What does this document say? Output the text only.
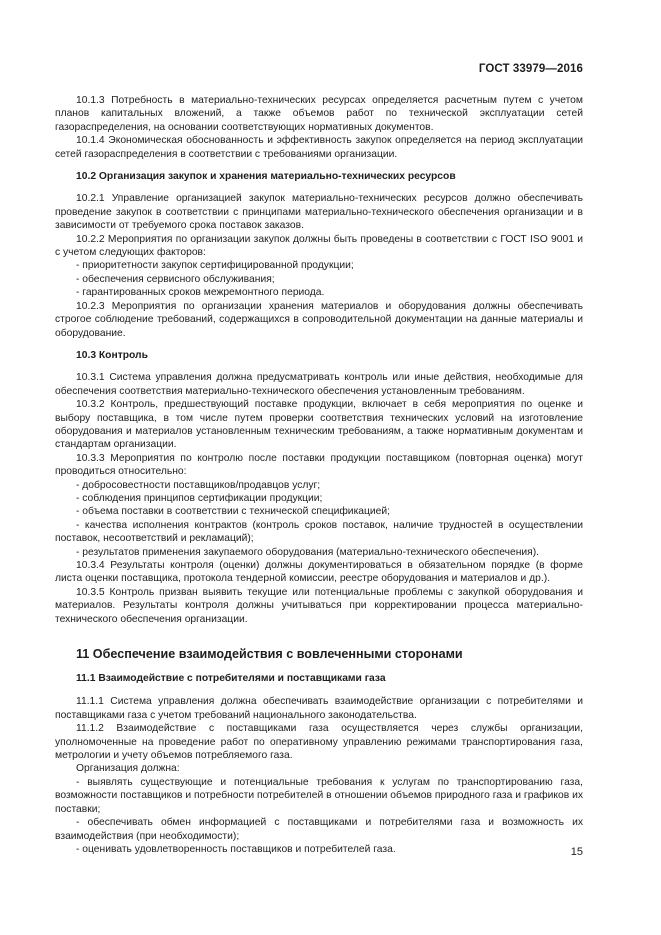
ГОСТ 33979—2016

10.1.3 Потребность в материально-технических ресурсах определяется расчетным путем с учетом планов капитальных вложений, а также объемов работ по технической эксплуатации сетей газораспределения, на основании соответствующих нормативных документов.

10.1.4 Экономическая обоснованность и эффективность закупок определяется на период эксплуатации сетей газораспределения в соответствии с требованиями организации.

10.2 Организация закупок и хранения материально-технических ресурсов

10.2.1 Управление организацией закупок материально-технических ресурсов должно обеспечивать проведение закупок в соответствии с принципами материально-технического обеспечения организации и в зависимости от требуемого срока поставок заказов.

10.2.2 Мероприятия по организации закупок должны быть проведены в соответствии с ГОСТ ISO 9001 и с учетом следующих факторов:

- приоритетности закупок сертифицированной продукции;

- обеспечения сервисного обслуживания;

- гарантированных сроков межремонтного периода.

10.2.3 Мероприятия по организации хранения материалов и оборудования должны обеспечивать строгое соблюдение требований, содержащихся в сопроводительной документации на данные материалы и оборудование.

10.3 Контроль

10.3.1 Система управления должна предусматривать контроль или иные действия, необходимые для обеспечения соответствия материально-технического обеспечения установленным требованиям.

10.3.2 Контроль, предшествующий поставке продукции, включает в себя мероприятия по оценке и выбору поставщика, в том числе путем проверки соответствия технических условий на изготовление оборудования и материалов установленным техническим требованиям, а также нормативным документам и стандартам организации.

10.3.3 Мероприятия по контролю после поставки продукции поставщиком (повторная оценка) могут проводиться относительно:

- добросовестности поставщиков/продавцов услуг;

- соблюдения принципов сертификации продукции;

- объема поставки в соответствии с технической спецификацией;

- качества исполнения контрактов (контроль сроков поставок, наличие трудностей в осуществлении поставок, несоответствий и рекламаций);

- результатов применения закупаемого оборудования (материально-технического обеспечения).

10.3.4 Результаты контроля (оценки) должны документироваться в обязательном порядке (в форме листа оценки поставщика, протокола тендерной комиссии, реестре оборудования и материалов и др.).

10.3.5 Контроль призван выявить текущие или потенциальные проблемы с закупкой оборудования и материалов. Результаты контроля должны учитываться при корректировании процесса материально-технического обеспечения организации.

11 Обеспечение взаимодействия с вовлеченными сторонами

11.1 Взаимодействие с потребителями и поставщиками газа

11.1.1 Система управления должна обеспечивать взаимодействие организации с потребителями и поставщиками газа с учетом требований национального законодательства.

11.1.2 Взаимодействие с поставщиками газа осуществляется через службы организации, уполномоченные на проведение работ по оперативному управлению режимами транспортирования газа, метрологии и учету объемов потребляемого газа.

Организация должна:

- выявлять существующие и потенциальные требования к услугам по транспортированию газа, возможности поставщиков и потребности потребителей в отношении объемов природного газа и графиков их поставки;

- обеспечивать обмен информацией с поставщиками и потребителями газа и возможность их взаимодействия (при необходимости);

- оценивать удовлетворенность поставщиков и потребителей газа.	15
